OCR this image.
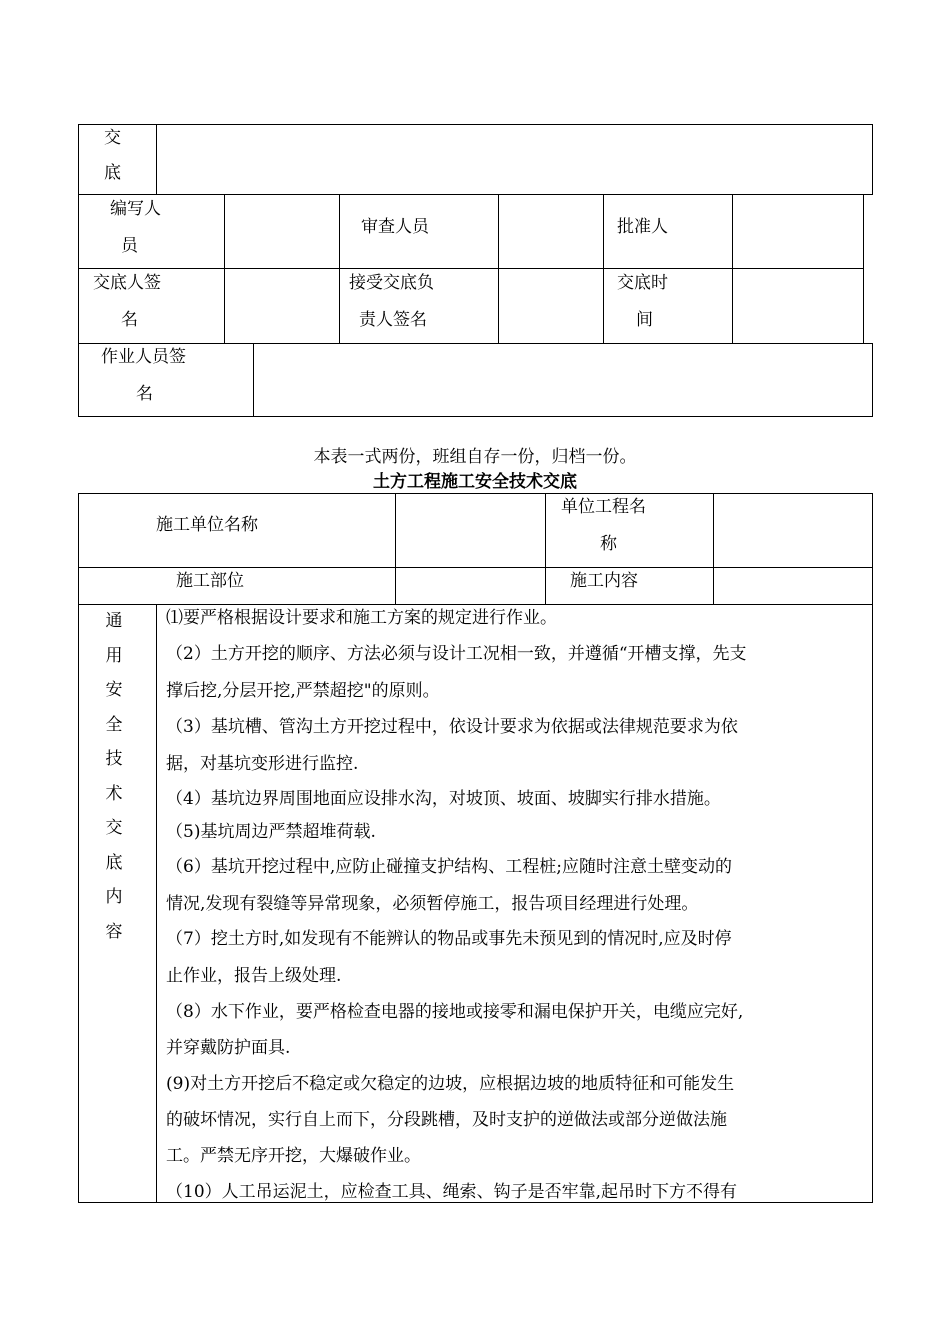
交
底
编写人
员
审查人员	批准人
交底人签
名
接受交底负
责人签名
交底时
间
作业人员签
名
本表一式两份，班组自存一份，归档一份。
土方工程施工安全技术交底
施工单位名称
单位工程名
称
施工部位	施工内容
通
用
安
全
技
术
交
底
内
容
⑴要严格根据设计要求和施工方案的规定进行作业。
（2）土方开挖的顺序、方法必须与设计工况相一致，并遵循“开槽支撑，先支
撑后挖,分层开挖,严禁超挖"的原则。
（3）基坑槽、管沟土方开挖过程中，依设计要求为依据或法律规范要求为依
据，对基坑变形进行监控.
（4）基坑边界周围地面应设排水沟，对坡顶、坡面、坡脚实行排水措施。
（5)基坑周边严禁超堆荷载.
（6）基坑开挖过程中,应防止碰撞支护结构、工程桩;应随时注意土壁变动的
情况,发现有裂缝等异常现象，必须暂停施工，报告项目经理进行处理。
（7）挖土方时,如发现有不能辨认的物品或事先未预见到的情况时,应及时停
止作业，报告上级处理.
（8）水下作业，要严格检查电器的接地或接零和漏电保护开关，电缆应完好,
并穿戴防护面具.
(9)对土方开挖后不稳定或欠稳定的边坡，应根据边坡的地质特征和可能发生
的破坏情况，实行自上而下，分段跳槽，及时支护的逆做法或部分逆做法施
工。严禁无序开挖，大爆破作业。
（10）人工吊运泥土，应检查工具、绳索、钩子是否牢靠,起吊时下方不得有
